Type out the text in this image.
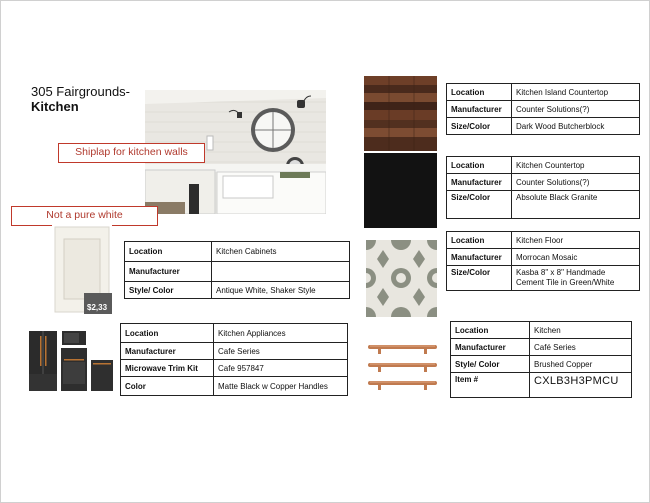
305 Fairgrounds-
Kitchen
Shiplap for kitchen walls
Not a pure white
$2,33
Location	Kitchen Cabinets
Manufacturer	
Style/ Color	Antique White, Shaker Style
Location	Kitchen Appliances
Manufacturer	Cafe Series
Microwave Trim Kit	Cafe 957847
Color	Matte Black w Copper Handles
Location	Kitchen Island Countertop
Manufacturer	Counter Solutions(?)
Size/Color	Dark Wood Butcherblock
Location	Kitchen Countertop
Manufacturer	Counter Solutions(?)
Size/Color	Absolute Black Granite
Location	Kitchen Floor
Manufacturer	Morrocan Mosaic
Size/Color	Kasba 8" x 8" Handmade Cement Tile in Green/White
Location	Kitchen
Manufacturer	Café Series
Style/ Color	Brushed Copper
Item #	CXLB3H3PMCU
